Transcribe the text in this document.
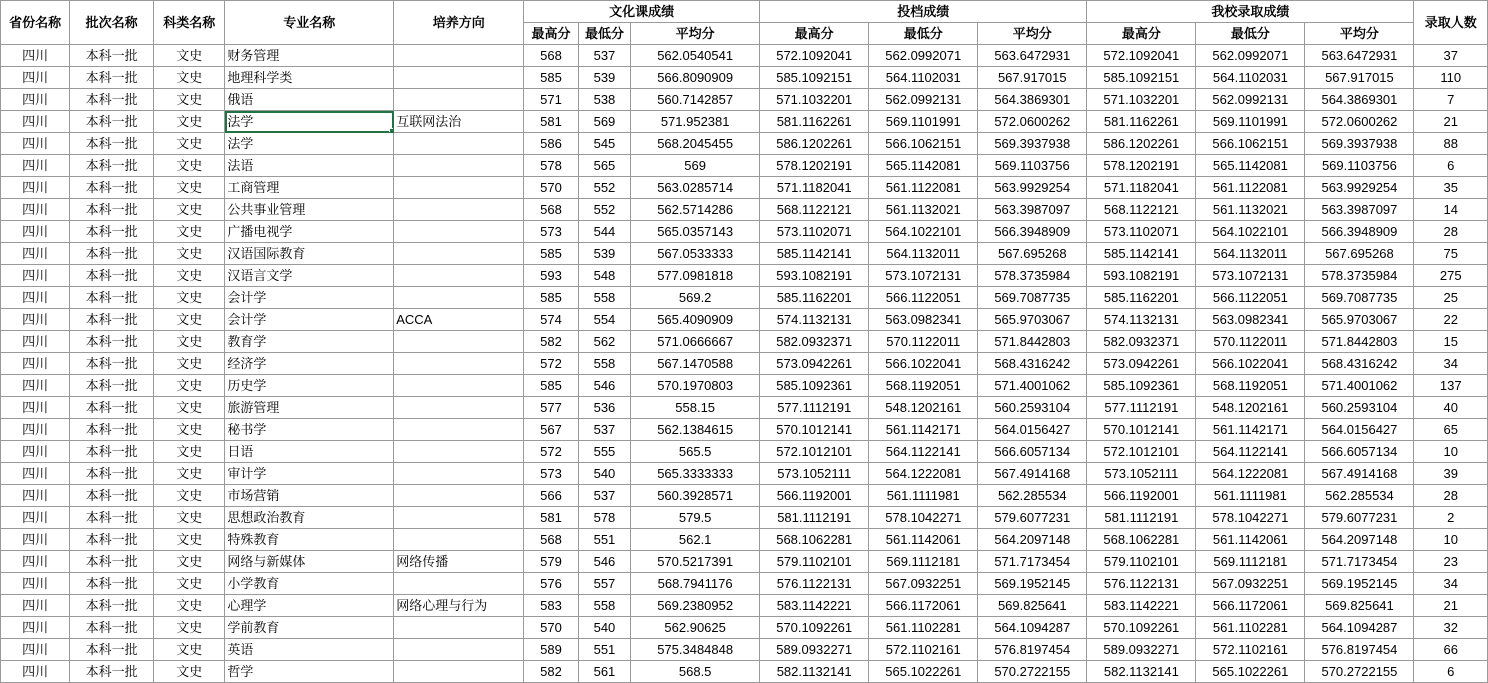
省份名称	批次名称	科类名称	专业名称	培养方向	文化课成绩			投档成绩			我校录取成绩			录取人数
					最高分	最低分	平均分	最高分	最低分	平均分	最高分	最低分	平均分	
四川	本科一批	文史	财务管理		568	537	562.0540541	572.1092041	562.0992071	563.6472931	572.1092041	562.0992071	563.6472931	37
四川	本科一批	文史	地理科学类		585	539	566.8090909	585.1092151	564.1102031	567.917015	585.1092151	564.1102031	567.917015	110
四川	本科一批	文史	俄语		571	538	560.7142857	571.1032201	562.0992131	564.3869301	571.1032201	562.0992131	564.3869301	7
四川	本科一批	文史	法学	互联网法治	581	569	571.952381	581.1162261	569.1101991	572.0600262	581.1162261	569.1101991	572.0600262	21
四川	本科一批	文史	法学		586	545	568.2045455	586.1202261	566.1062151	569.3937938	586.1202261	566.1062151	569.3937938	88
四川	本科一批	文史	法语		578	565	569	578.1202191	565.1142081	569.1103756	578.1202191	565.1142081	569.1103756	6
四川	本科一批	文史	工商管理		570	552	563.0285714	571.1182041	561.1122081	563.9929254	571.1182041	561.1122081	563.9929254	35
四川	本科一批	文史	公共事业管理		568	552	562.5714286	568.1122121	561.1132021	563.3987097	568.1122121	561.1132021	563.3987097	14
四川	本科一批	文史	广播电视学		573	544	565.0357143	573.1102071	564.1022101	566.3948909	573.1102071	564.1022101	566.3948909	28
四川	本科一批	文史	汉语国际教育		585	539	567.0533333	585.1142141	564.1132011	567.695268	585.1142141	564.1132011	567.695268	75
四川	本科一批	文史	汉语言文学		593	548	577.0981818	593.1082191	573.1072131	578.3735984	593.1082191	573.1072131	578.3735984	275
四川	本科一批	文史	会计学		585	558	569.2	585.1162201	566.1122051	569.7087735	585.1162201	566.1122051	569.7087735	25
四川	本科一批	文史	会计学	ACCA	574	554	565.4090909	574.1132131	563.0982341	565.9703067	574.1132131	563.0982341	565.9703067	22
四川	本科一批	文史	教育学		582	562	571.0666667	582.0932371	570.1122011	571.8442803	582.0932371	570.1122011	571.8442803	15
四川	本科一批	文史	经济学		572	558	567.1470588	573.0942261	566.1022041	568.4316242	573.0942261	566.1022041	568.4316242	34
四川	本科一批	文史	历史学		585	546	570.1970803	585.1092361	568.1192051	571.4001062	585.1092361	568.1192051	571.4001062	137
四川	本科一批	文史	旅游管理		577	536	558.15	577.1112191	548.1202161	560.2593104	577.1112191	548.1202161	560.2593104	40
四川	本科一批	文史	秘书学		567	537	562.1384615	570.1012141	561.1142171	564.0156427	570.1012141	561.1142171	564.0156427	65
四川	本科一批	文史	日语		572	555	565.5	572.1012101	564.1122141	566.6057134	572.1012101	564.1122141	566.6057134	10
四川	本科一批	文史	审计学		573	540	565.3333333	573.1052111	564.1222081	567.4914168	573.1052111	564.1222081	567.4914168	39
四川	本科一批	文史	市场营销		566	537	560.3928571	566.1192001	561.1111981	562.285534	566.1192001	561.1111981	562.285534	28
四川	本科一批	文史	思想政治教育		581	578	579.5	581.1112191	578.1042271	579.6077231	581.1112191	578.1042271	579.6077231	2
四川	本科一批	文史	特殊教育		568	551	562.1	568.1062281	561.1142061	564.2097148	568.1062281	561.1142061	564.2097148	10
四川	本科一批	文史	网络与新媒体	网络传播	579	546	570.5217391	579.1102101	569.1112181	571.7173454	579.1102101	569.1112181	571.7173454	23
四川	本科一批	文史	小学教育		576	557	568.7941176	576.1122131	567.0932251	569.1952145	576.1122131	567.0932251	569.1952145	34
四川	本科一批	文史	心理学	网络心理与行为	583	558	569.2380952	583.1142221	566.1172061	569.825641	583.1142221	566.1172061	569.825641	21
四川	本科一批	文史	学前教育		570	540	562.90625	570.1092261	561.1102281	564.1094287	570.1092261	561.1102281	564.1094287	32
四川	本科一批	文史	英语		589	551	575.3484848	589.0932271	572.1102161	576.8197454	589.0932271	572.1102161	576.8197454	66
四川	本科一批	文史	哲学		582	561	568.5	582.1132141	565.1022261	570.2722155	582.1132141	565.1022261	570.2722155	6
